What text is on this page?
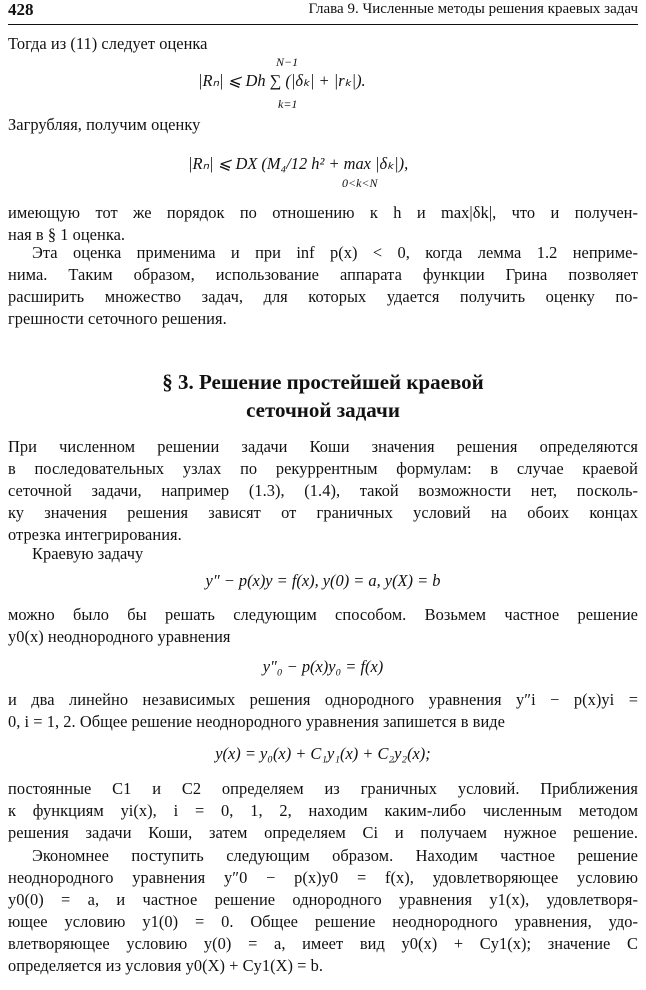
428	Глава 9. Численные методы решения краевых задач
Тогда из (11) следует оценка
N−1
|Rₙ| ⩽ Dh ∑ (|δₖ| + |rₖ|).
k=1
Загрубляя, получим оценку
|Rₙ| ⩽ DX (M₄/12 h² + max |δₖ|),
0<k<N
имеющую тот же порядок по отношению к h и max|δk|, что и получен-
ная в § 1 оценка.
Эта оценка применима и при inf p(x) < 0, когда лемма 1.2 неприме-
нима. Таким образом, использование аппарата функции Грина позволяет
расширить множество задач, для которых удается получить оценку по-
грешности сеточного решения.
§ 3. Решение простейшей краевой
сеточной задачи
При численном решении задачи Коши значения решения определяются
в последовательных узлах по рекуррентным формулам: в случае краевой
сеточной задачи, например (1.3), (1.4), такой возможности нет, посколь-
ку значения решения зависят от граничных условий на обоих концах
отрезка интегрирования.
Краевую задачу
y″ − p(x)y = f(x), y(0) = a, y(X) = b
можно было бы решать следующим способом. Возьмем частное решение
y0(x) неоднородного уравнения
y″₀ − p(x)y₀ = f(x)
и два линейно независимых решения однородного уравнения y″i − p(x)yi =
0, i = 1, 2. Общее решение неоднородного уравнения запишется в виде
y(x) = y₀(x) + C₁y₁(x) + C₂y₂(x);
постоянные C1 и C2 определяем из граничных условий. Приближения
к функциям yi(x), i = 0, 1, 2, находим каким-либо численным методом
решения задачи Коши, затем определяем Ci и получаем нужное решение.
Экономнее поступить следующим образом. Находим частное решение
неоднородного уравнения y″0 − p(x)y0 = f(x), удовлетворяющее условию
y0(0) = a, и частное решение однородного уравнения y1(x), удовлетворя-
ющее условию y1(0) = 0. Общее решение неоднородного уравнения, удо-
влетворяющее условию y(0) = a, имеет вид y0(x) + Cy1(x); значение C
определяется из условия y0(X) + Cy1(X) = b.
